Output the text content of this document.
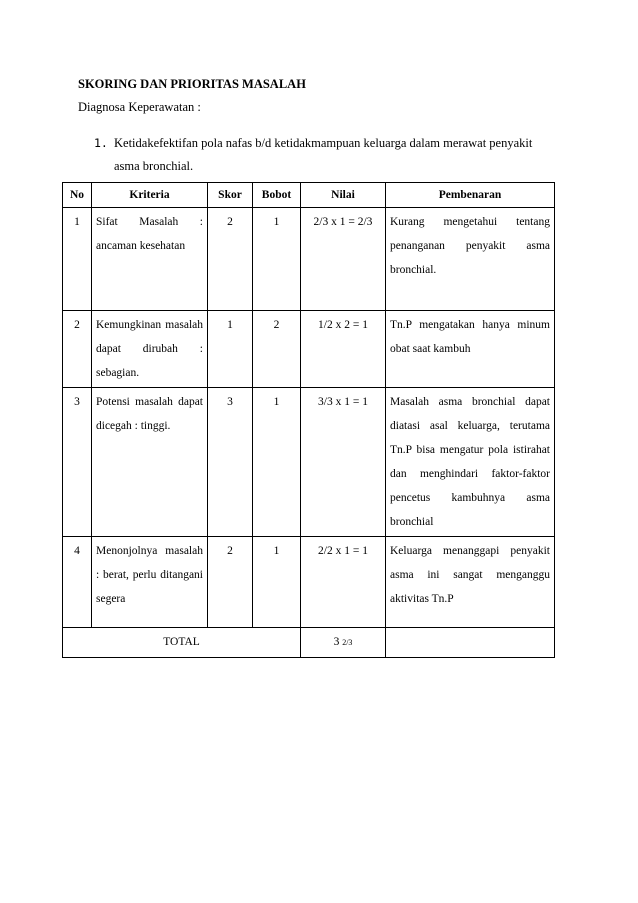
SKORING DAN PRIORITAS MASALAH
Diagnosa Keperawatan :
1. Ketidakefektifan pola nafas b/d ketidakmampuan keluarga dalam merawat penyakit asma bronchial.
No	Kriteria	Skor	Bobot	Nilai	Pembenaran
1	Sifat Masalah : ancaman kesehatan	2	1	2/3 x 1 = 2/3	Kurang mengetahui tentang penanganan penyakit asma bronchial.
2	Kemungkinan masalah dapat dirubah : sebagian.	1	2	1/2 x 2 = 1	Tn.P mengatakan hanya minum obat saat kambuh
3	Potensi masalah dapat dicegah : tinggi.	3	1	3/3 x 1 = 1	Masalah asma bronchial dapat diatasi asal keluarga, terutama Tn.P bisa mengatur pola istirahat dan menghindari faktor-faktor pencetus kambuhnya asma bronchial
4	Menonjolnya masalah : berat, perlu ditangani segera	2	1	2/2 x 1 = 1	Keluarga menanggapi penyakit asma ini sangat menganggu aktivitas Tn.P
TOTAL				3 2/3	
